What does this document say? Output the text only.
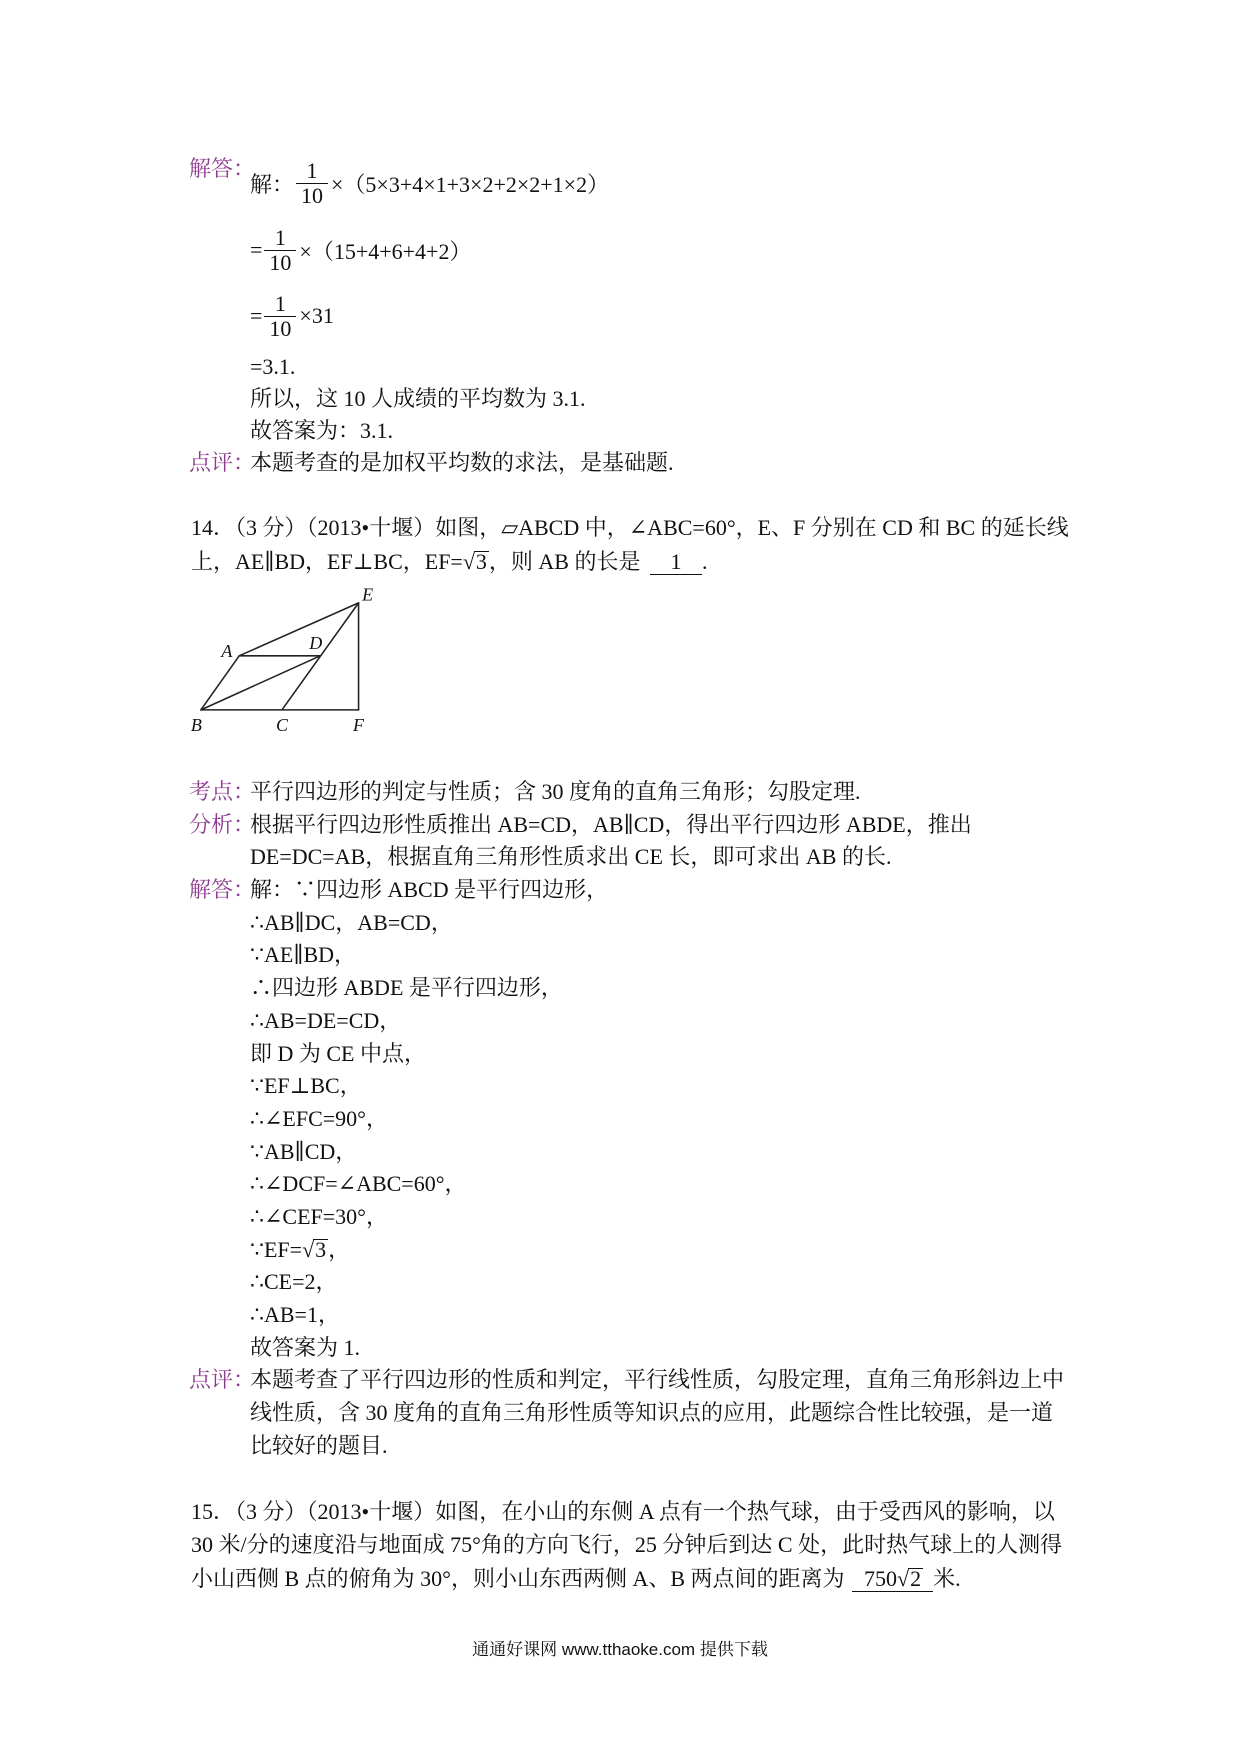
解答：
解： $\frac{1}{10} \times(5\times 3+4\times 1+3\times 2+2\times 2+1\times 2)$
= $\frac{1}{10} \times(15+4+6+4+2)$
= $\frac{1}{10} \times 31$
=3.1.
所以，这 10 人成绩的平均数为 3.1.
故答案为：3.1.
点评：
本题考查的是加权平均数的求法，是基础题.
14．（3 分）（2013•十堰）如图，▱ABCD 中，∠ABC=60°，E、F 分别在 CD 和 BC 的延长线
上，AE∥BD，EF⊥BC，EF=√3，则 AB 的长是 1 .
A	D
E
B	C	F
考点：
平行四边形的判定与性质；含 30 度角的直角三角形；勾股定理.
分析：
根据平行四边形性质推出 AB=CD，AB∥CD，得出平行四边形 ABDE，推出
DE=DC=AB，根据直角三角形性质求出 CE 长，即可求出 AB 的长.
解答：
解：∵四边形 ABCD 是平行四边形，
∴AB∥DC，AB=CD，
∵AE∥BD，
∴四边形 ABDE 是平行四边形，
∴AB=DE=CD，
即 D 为 CE 中点，
∵EF⊥BC，
∴∠EFC=90°，
∵AB∥CD，
∴∠DCF=∠ABC=60°，
∴∠CEF=30°，
∵EF=√3，
∴CE=2，
∴AB=1，
故答案为 1.
点评：
本题考查了平行四边形的性质和判定，平行线性质，勾股定理，直角三角形斜边上中
线性质，含 30 度角的直角三角形性质等知识点的应用，此题综合性比较强，是一道
比较好的题目.
15．（3 分）（2013•十堰）如图，在小山的东侧 A 点有一个热气球，由于受西风的影响，以
30 米/分的速度沿与地面成 75°角的方向飞行，25 分钟后到达 C 处，此时热气球上的人测得
小山西侧 B 点的俯角为 30°，则小山东西两侧 A、B 两点间的距离为 750√2 米.
通通好课网 www.tthaoke.com 提供下载
